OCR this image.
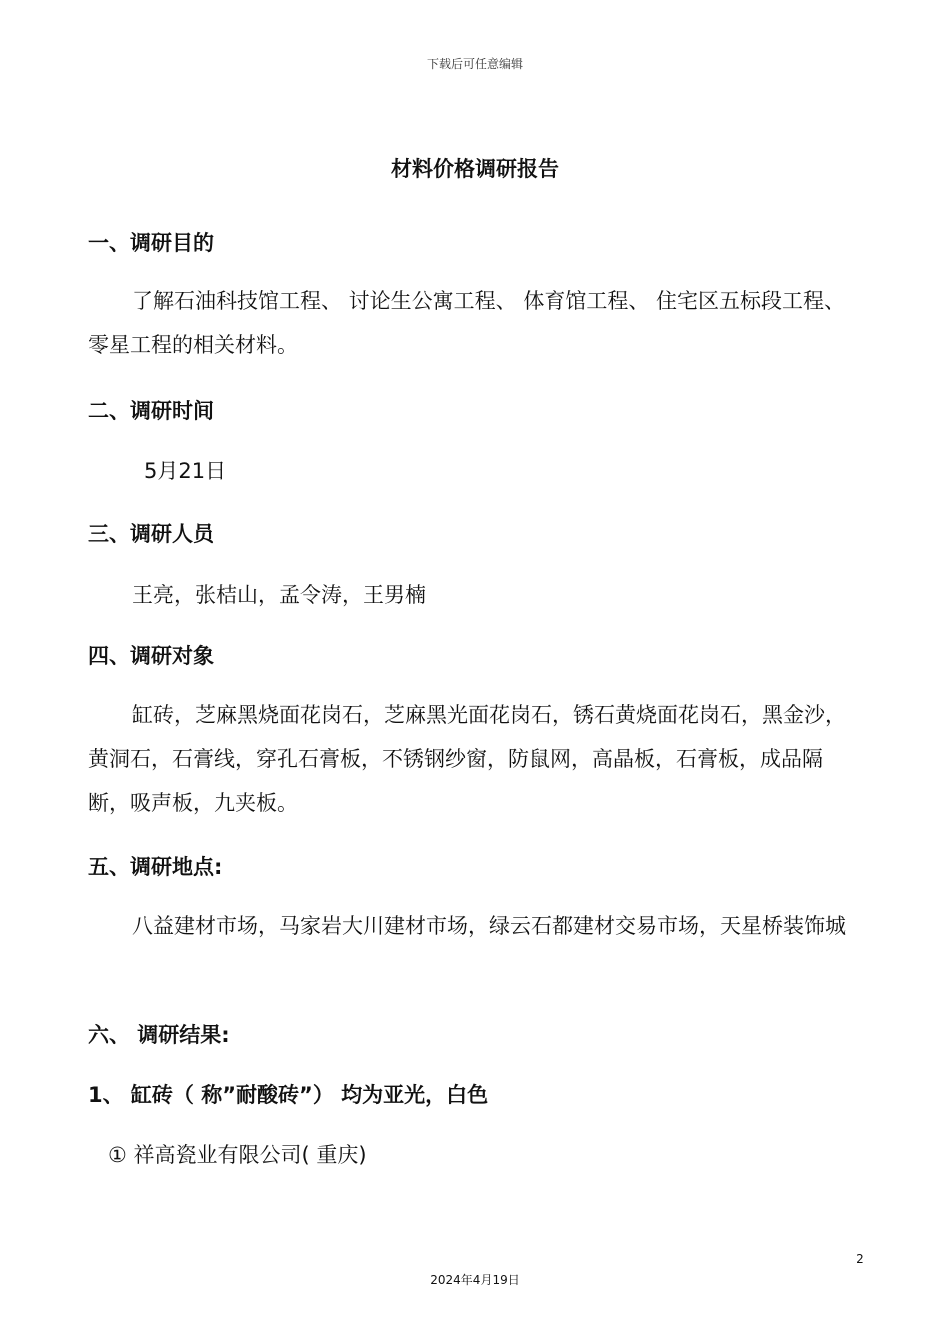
下载后可任意编辑
材料价格调研报告
一、调研目的
了解石油科技馆工程、 讨论生公寓工程、 体育馆工程、 住宅区五标段工程、 零星工程的相关材料。
二、调研时间
5月21日
三、调研人员
王亮，张桔山，孟令涛，王男楠
四、调研对象
缸砖，芝麻黑烧面花岗石，芝麻黑光面花岗石，锈石黄烧面花岗石，黑金沙，黄洞石，石膏线，穿孔石膏板，不锈钢纱窗，防鼠网，高晶板，石膏板，成品隔断，吸声板，九夹板。
五、调研地点:
八益建材市场，马家岩大川建材市场，绿云石都建材交易市场，天星桥装饰城
六、 调研结果:
1、 缸砖（ 称”耐酸砖”） 均为亚光，白色
① 祥高瓷业有限公司( 重庆)
2
2024年4月19日
